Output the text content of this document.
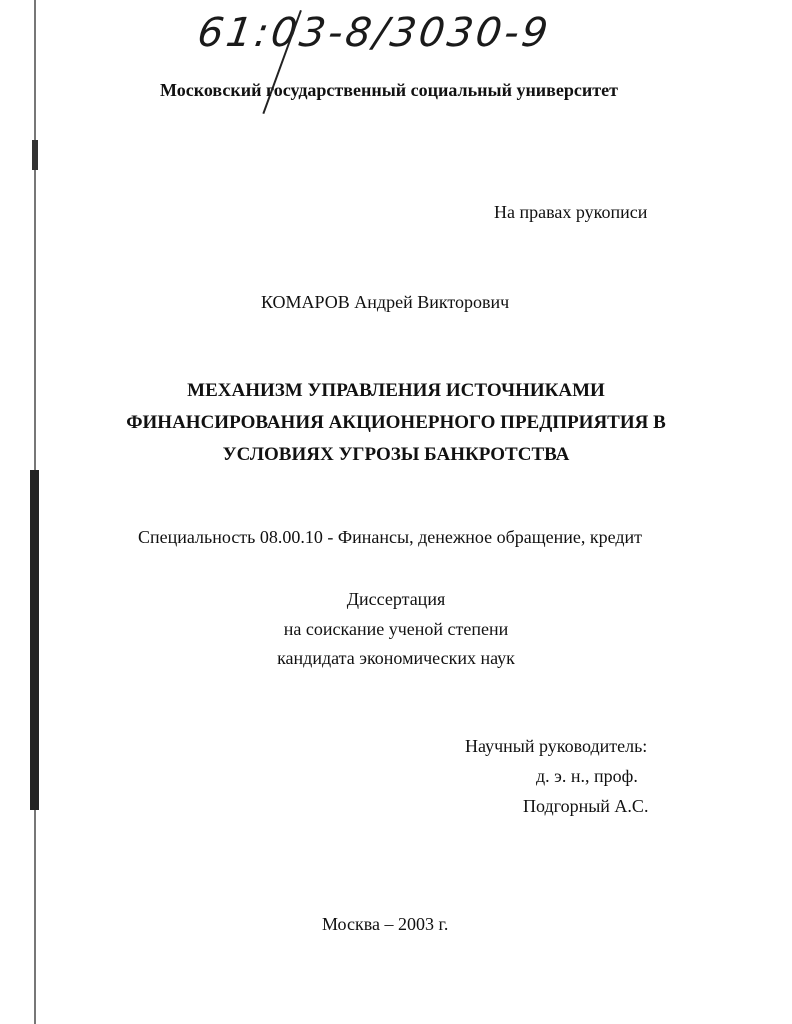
61:03-8/3030-9
Московский государственный социальный университет
На правах рукописи
КОМАРОВ Андрей Викторович
МЕХАНИЗМ УПРАВЛЕНИЯ ИСТОЧНИКАМИ
ФИНАНСИРОВАНИЯ АКЦИОНЕРНОГО ПРЕДПРИЯТИЯ В
УСЛОВИЯХ УГРОЗЫ БАНКРОТСТВА
Специальность 08.00.10 - Финансы, денежное обращение, кредит
Диссертация
на соискание ученой степени
кандидата экономических наук
Научный руководитель:
д. э. н., проф.
Подгорный А.С.
Москва – 2003 г.
